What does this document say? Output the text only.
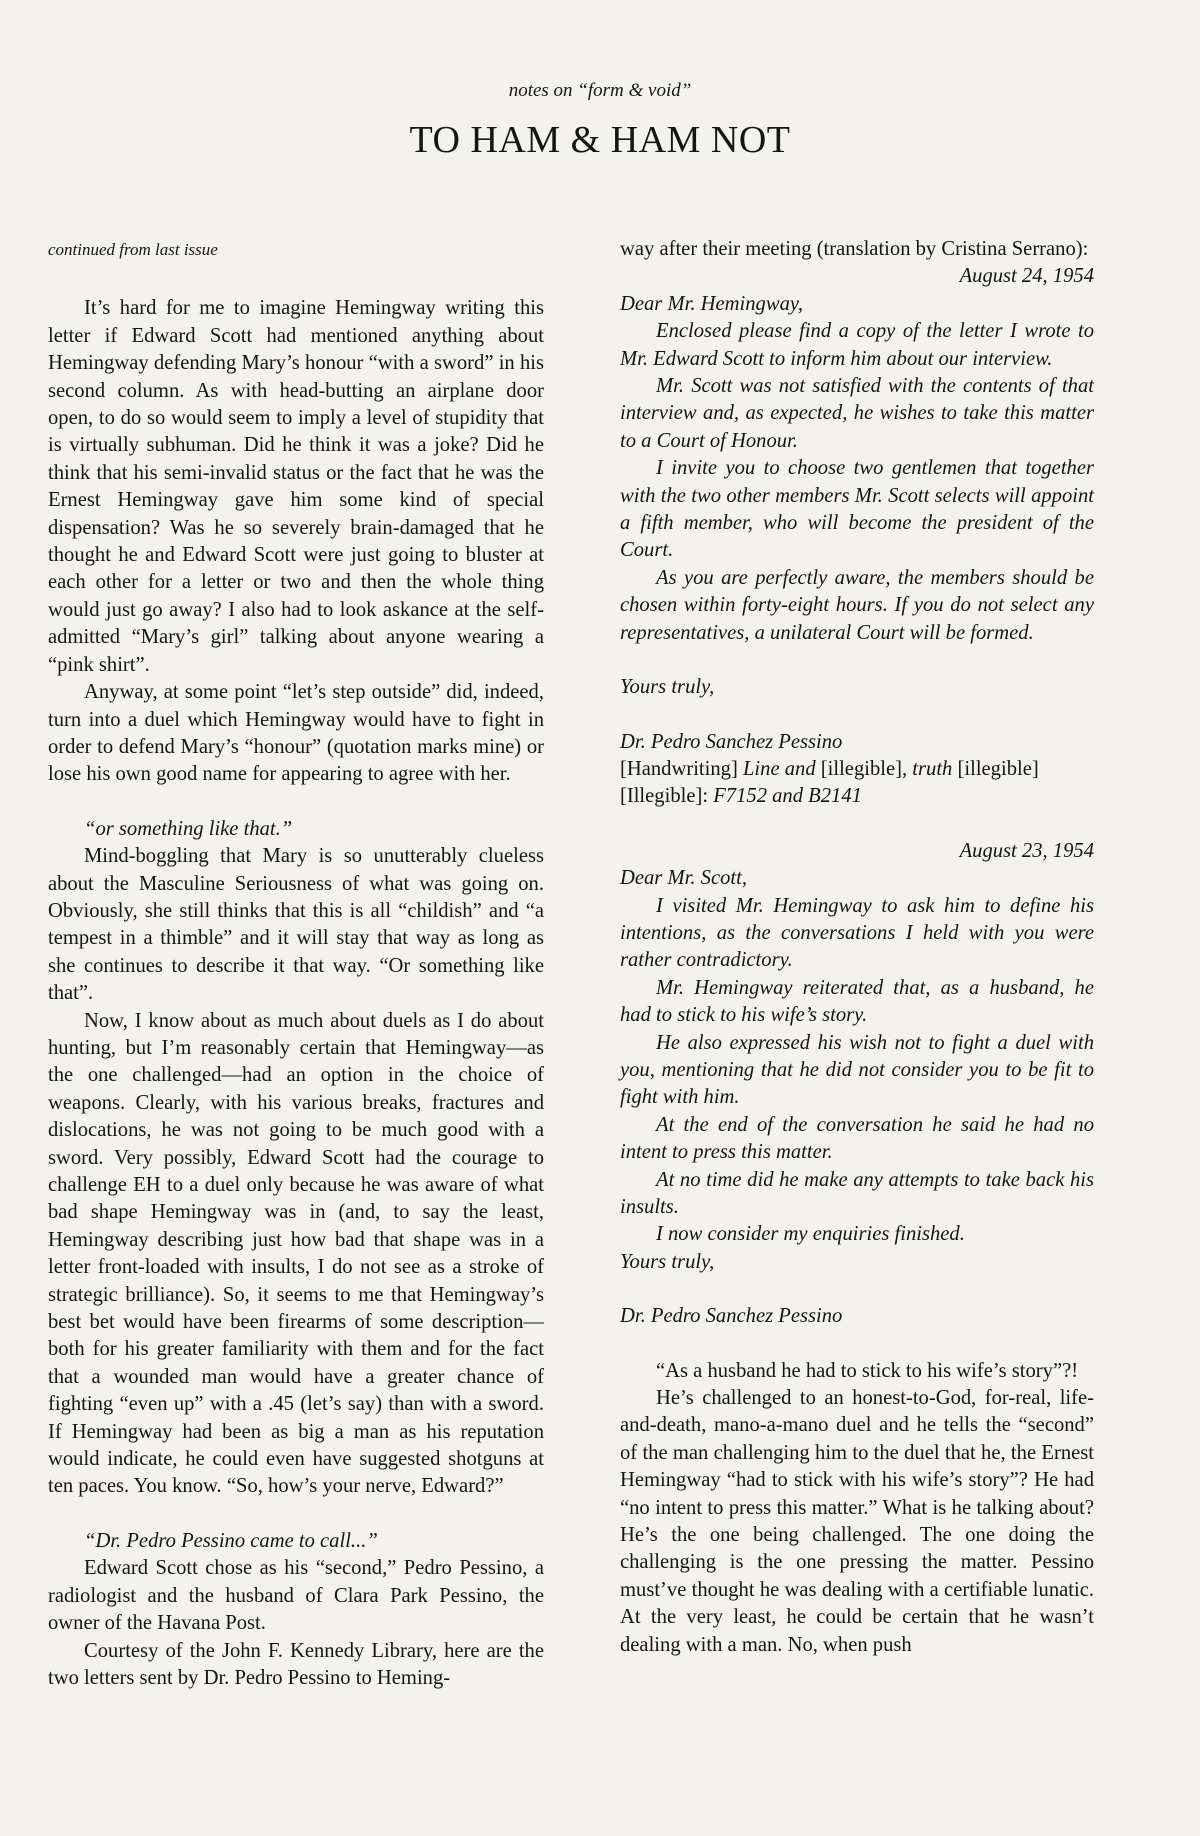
notes on “form & void”
TO HAM & HAM NOT

continued from last issue

It’s hard for me to imagine Hemingway writing this letter if Edward Scott had mentioned anything about Hemingway defending Mary’s honour “with a sword” in his second column. As with head-butting an airplane door open, to do so would seem to imply a level of stupidity that is virtually subhuman. Did he think it was a joke? Did he think that his semi-invalid status or the fact that he was the Ernest Hemingway gave him some kind of special dispensation? Was he so severely brain-damaged that he thought he and Edward Scott were just going to bluster at each other for a letter or two and then the whole thing would just go away? I also had to look askance at the self-admitted “Mary’s girl” talking about anyone wearing a “pink shirt”.

Anyway, at some point “let’s step outside” did, indeed, turn into a duel which Hemingway would have to fight in order to defend Mary’s “honour” (quotation marks mine) or lose his own good name for appearing to agree with her.

“or something like that.”

Mind-boggling that Mary is so unutterably clueless about the Masculine Seriousness of what was going on. Obviously, she still thinks that this is all “childish” and “a tempest in a thimble” and it will stay that way as long as she continues to describe it that way. “Or something like that”.

Now, I know about as much about duels as I do about hunting, but I’m reasonably certain that Hemingway—as the one challenged—had an option in the choice of weapons. Clearly, with his various breaks, fractures and dislocations, he was not going to be much good with a sword. Very possibly, Edward Scott had the courage to challenge EH to a duel only because he was aware of what bad shape Hemingway was in (and, to say the least, Hemingway describing just how bad that shape was in a letter front-loaded with insults, I do not see as a stroke of strategic brilliance). So, it seems to me that Hemingway’s best bet would have been firearms of some description—both for his greater familiarity with them and for the fact that a wounded man would have a greater chance of fighting “even up” with a .45 (let’s say) than with a sword. If Hemingway had been as big a man as his reputation would indicate, he could even have suggested shotguns at ten paces. You know. “So, how’s your nerve, Edward?”

“Dr. Pedro Pessino came to call...”

Edward Scott chose as his “second,” Pedro Pessino, a radiologist and the husband of Clara Park Pessino, the owner of the Havana Post.

Courtesy of the John F. Kennedy Library, here are the two letters sent by Dr. Pedro Pessino to Heming-

way after their meeting (translation by Cristina Serrano):

August 24, 1954

Dear Mr. Hemingway,

Enclosed please find a copy of the letter I wrote to Mr. Edward Scott to inform him about our interview.

Mr. Scott was not satisfied with the contents of that interview and, as expected, he wishes to take this matter to a Court of Honour.

I invite you to choose two gentlemen that together with the two other members Mr. Scott selects will appoint a fifth member, who will become the president of the Court.

As you are perfectly aware, the members should be chosen within forty-eight hours. If you do not select any representatives, a unilateral Court will be formed.

Yours truly,

Dr. Pedro Sanchez Pessino

[Handwriting] Line and [illegible], truth [illegible]

[Illegible]: F7152 and B2141

August 23, 1954

Dear Mr. Scott,

I visited Mr. Hemingway to ask him to define his intentions, as the conversations I held with you were rather contradictory.

Mr. Hemingway reiterated that, as a husband, he had to stick to his wife’s story.

He also expressed his wish not to fight a duel with you, mentioning that he did not consider you to be fit to fight with him.

At the end of the conversation he said he had no intent to press this matter.

At no time did he make any attempts to take back his insults.

I now consider my enquiries finished.

Yours truly,

Dr. Pedro Sanchez Pessino

“As a husband he had to stick to his wife’s story”?!

He’s challenged to an honest-to-God, for-real, life-and-death, mano-a-mano duel and he tells the “second” of the man challenging him to the duel that he, the Ernest Hemingway “had to stick with his wife’s story”? He had “no intent to press this matter.” What is he talking about? He’s the one being challenged. The one doing the challenging is the one pressing the matter. Pessino must’ve thought he was dealing with a certifiable lunatic. At the very least, he could be certain that he wasn’t dealing with a man. No, when push
